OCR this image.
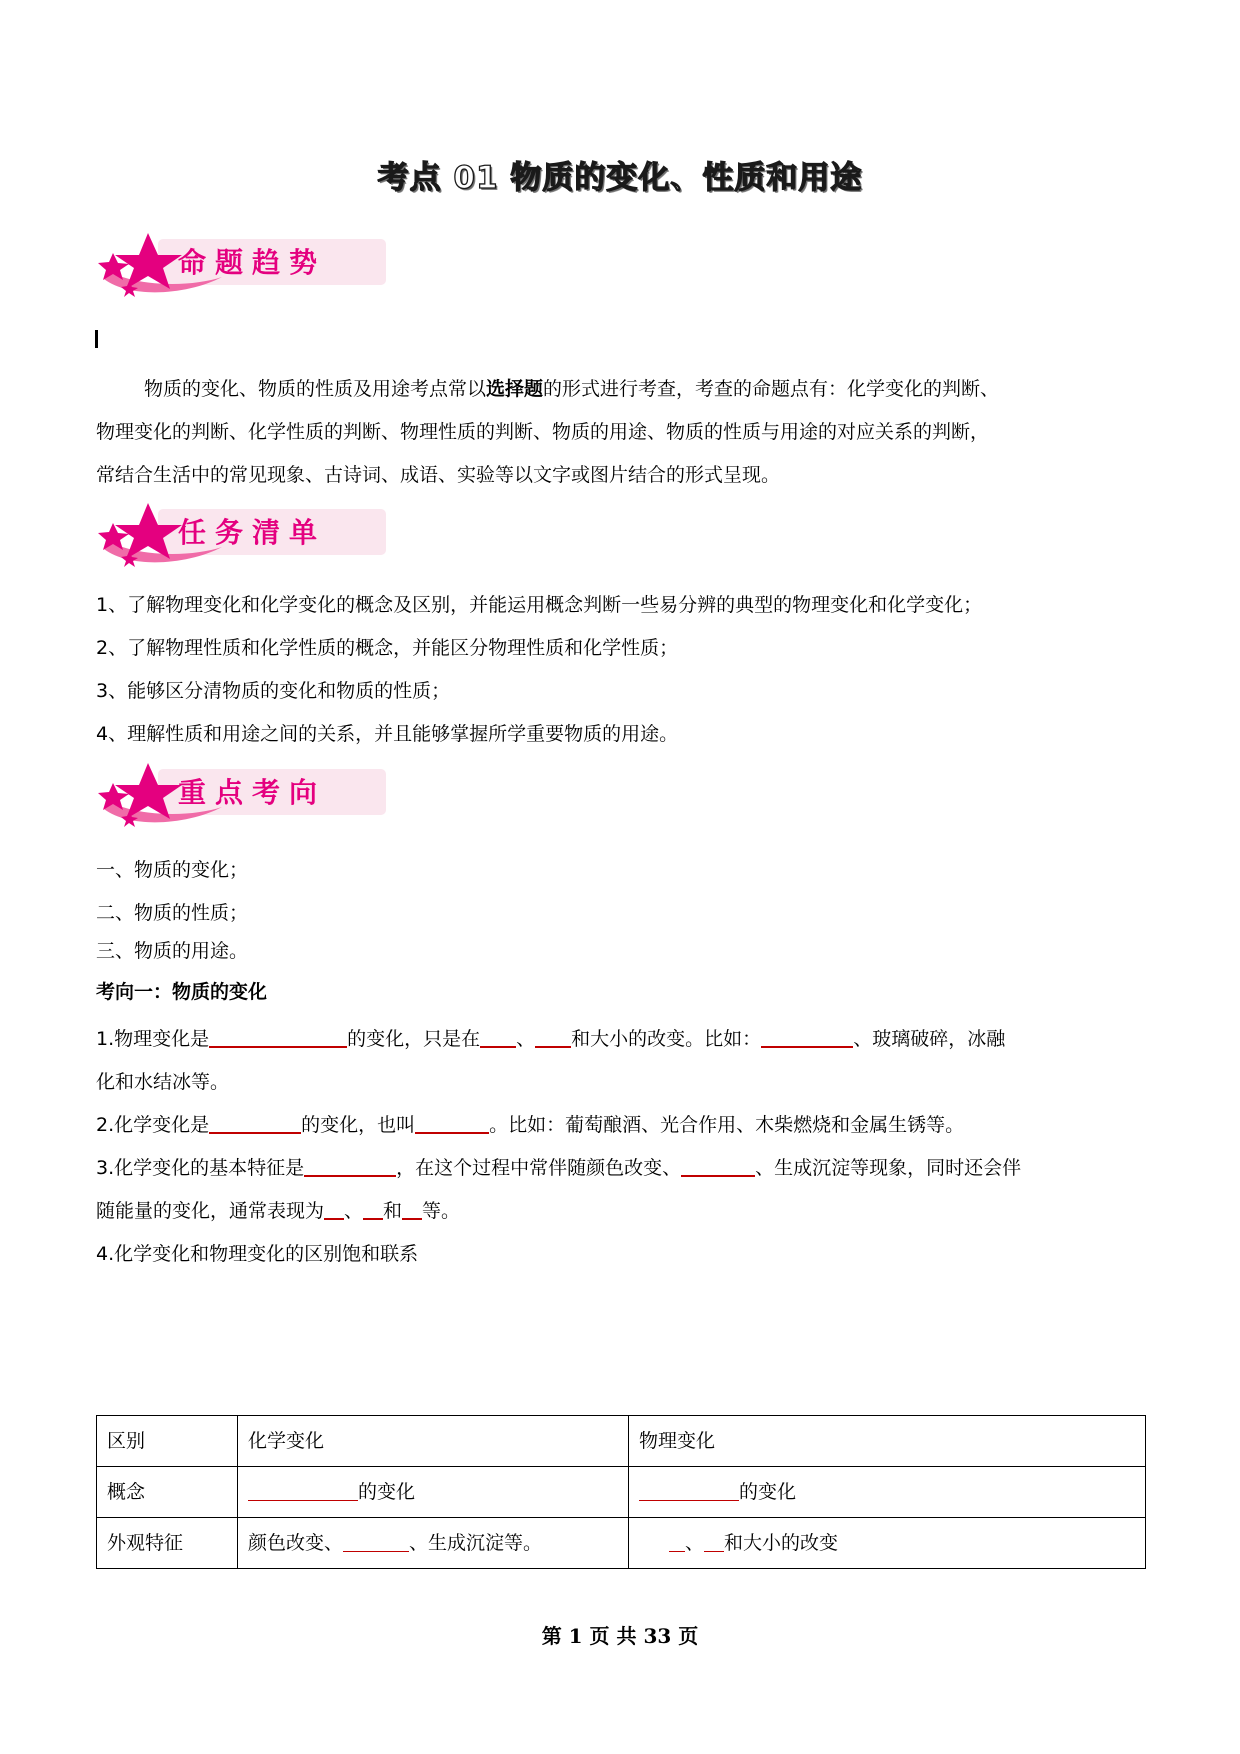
考点 01 物质的变化、性质和用途
命题趋势
物质的变化、物质的性质及用途考点常以选择题的形式进行考查，考查的命题点有：化学变化的判断、
物理变化的判断、化学性质的判断、物理性质的判断、物质的用途、物质的性质与用途的对应关系的判断，
常结合生活中的常见现象、古诗词、成语、实验等以文字或图片结合的形式呈现。
任务清单
1、了解物理变化和化学变化的概念及区别，并能运用概念判断一些易分辨的典型的物理变化和化学变化；
2、了解物理性质和化学性质的概念，并能区分物理性质和化学性质；
3、能够区分清物质的变化和物质的性质；
4、理解性质和用途之间的关系，并且能够掌握所学重要物质的用途。
重点考向
一、物质的变化；
二、物质的性质；
三、物质的用途。
考向一：物质的变化
1.物理变化是	的变化，只是在 、 和大小的改变。比如：	、玻璃破碎，冰融
化和水结冰等。
2.化学变化是	的变化，也叫	。比如：葡萄酿酒、光合作用、木柴燃烧和金属生锈等。
3.化学变化的基本特征是	，在这个过程中常伴随颜色改变、	、生成沉淀等现象，同时还会伴
随能量的变化，通常表现为 、 和 等。
4.化学变化和物理变化的区别饱和联系
区别	化学变化	物理变化
概念	的变化	的变化
外观特征	颜色改变、 、生成沉淀等。	、 和大小的改变
第 1 页 共 33 页
